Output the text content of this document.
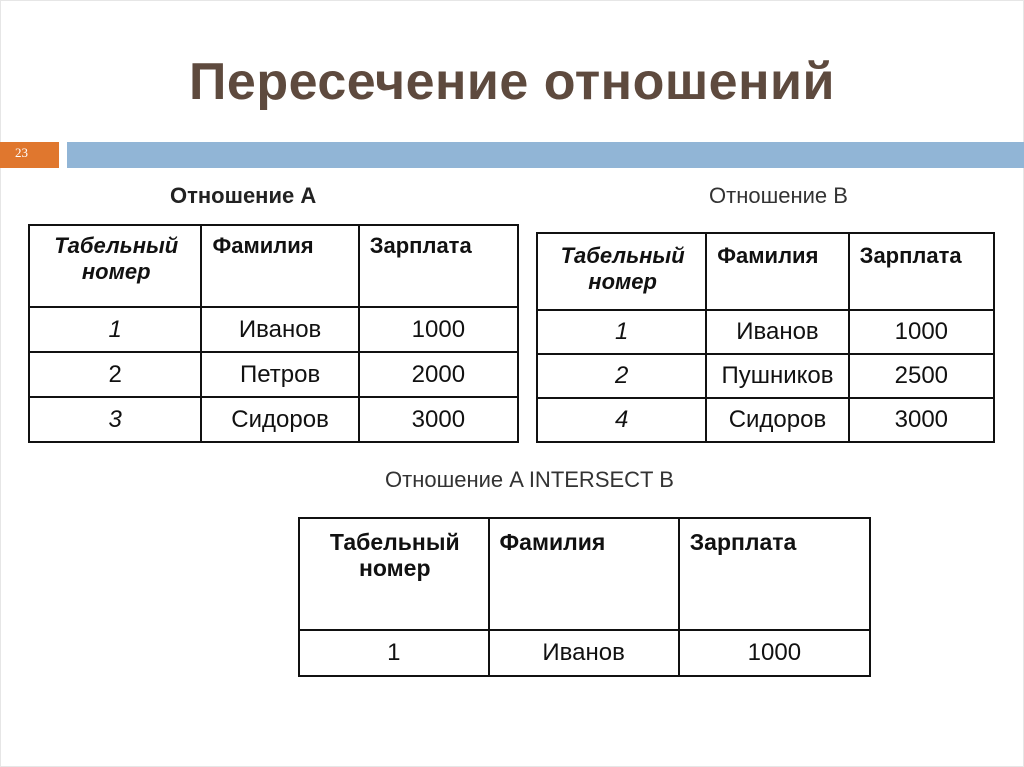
Пересечение отношений
23
Отношение А
Табельный номер	Фамилия	Зарплата
1	Иванов	1000
2	Петров	2000
3	Сидоров	3000
Отношение В
Табельный номер	Фамилия	Зарплата
1	Иванов	1000
2	Пушников	2500
4	Сидоров	3000
Отношение A INTERSECT B
Табельный номер	Фамилия	Зарплата
1	Иванов	1000
